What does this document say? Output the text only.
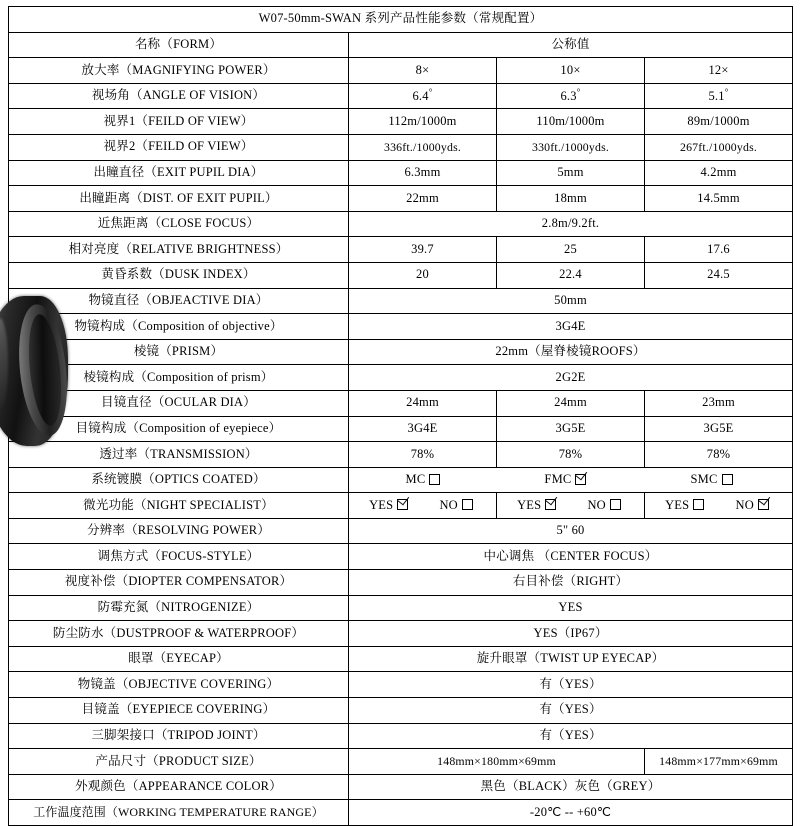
W07-50mm-SWAN 系列产品性能参数（常规配置）			
名称（FORM）	公称值		
放大率（MAGNIFYING POWER）	8×	10×	12×
视场角（ANGLE OF VISION）	6.4°	6.3°	5.1°
视界1（FEILD OF VIEW）	112m/1000m	110m/1000m	89m/1000m
视界2（FEILD OF VIEW）	336ft./1000yds.	330ft./1000yds.	267ft./1000yds.
出瞳直径（EXIT PUPIL DIA）	6.3mm	5mm	4.2mm
出瞳距离（DIST. OF EXIT PUPIL）	22mm	18mm	14.5mm
近焦距离（CLOSE FOCUS）	2.8m/9.2ft.		
相对亮度（RELATIVE BRIGHTNESS）	39.7	25	17.6
黄昏系数（DUSK INDEX）	20	22.4	24.5
物镜直径（OBJEACTIVE DIA）	50mm		
物镜构成（Composition of objective）	3G4E		
棱镜（PRISM）	22mm（屋脊棱镜ROOFS）		
棱镜构成（Composition of prism）	2G2E		
目镜直径（OCULAR DIA）	24mm	24mm	23mm
目镜构成（Composition of eyepiece）	3G4E	3G5E	3G5E
透过率（TRANSMISSION）	78%	78%	78%
系统镀膜（OPTICS COATED）	MC FMC SMC		

微光功能（NIGHT SPECIALIST）	YES NO	YES NO	YES NO

分辨率（RESOLVING POWER）	5" 60		
调焦方式（FOCUS-STYLE）	中心调焦 （CENTER FOCUS）		
视度补偿（DIOPTER COMPENSATOR）	右目补偿（RIGHT）		
防霉充氮（NITROGENIZE）	YES		
防尘防水（DUSTPROOF & WATERPROOF）	YES（IP67）		
眼罩（EYECAP）	旋升眼罩（TWIST UP EYECAP）		
物镜盖（OBJECTIVE COVERING）	有（YES）		
目镜盖（EYEPIECE COVERING）	有（YES）		
三脚架接口（TRIPOD JOINT）	有（YES）		
产品尺寸（PRODUCT SIZE）	148mm×180mm×69mm		148mm×177mm×69mm
外观颜色（APPEARANCE COLOR）	黑色（BLACK）灰色（GREY）		
工作温度范围（WORKING TEMPERATURE RANGE）	-20℃ -- +60℃		
